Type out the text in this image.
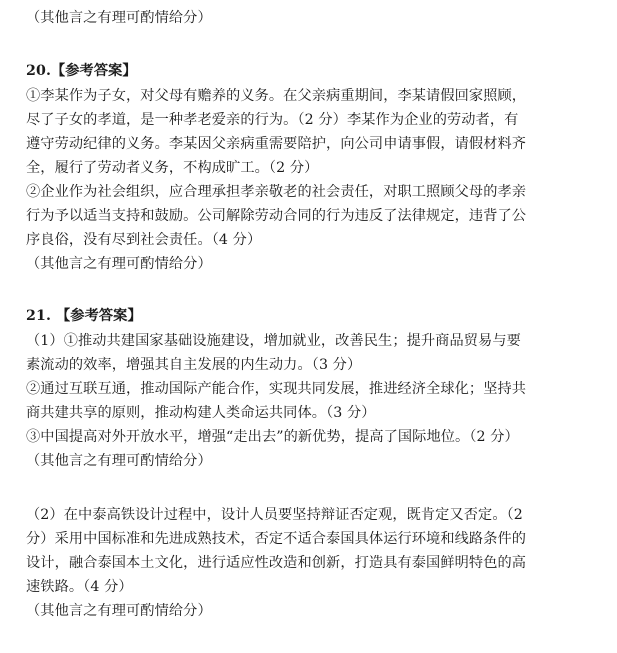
（其他言之有理可酌情给分）
20.【参考答案】
①李某作为子女，对父母有赡养的义务。在父亲病重期间，李某请假回家照顾，
尽了子女的孝道，是一种孝老爱亲的行为。（2 分）李某作为企业的劳动者，有
遵守劳动纪律的义务。李某因父亲病重需要陪护，向公司申请事假，请假材料齐
全，履行了劳动者义务，不构成旷工。（2 分）
②企业作为社会组织，应合理承担孝亲敬老的社会责任，对职工照顾父母的孝亲
行为予以适当支持和鼓励。公司解除劳动合同的行为违反了法律规定，违背了公
序良俗，没有尽到社会责任。（4 分）
（其他言之有理可酌情给分）
21. 【参考答案】
（1）①推动共建国家基础设施建设，增加就业，改善民生；提升商品贸易与要
素流动的效率，增强其自主发展的内生动力。（3 分）
②通过互联互通，推动国际产能合作，实现共同发展，推进经济全球化；坚持共
商共建共享的原则，推动构建人类命运共同体。（3 分）
③中国提高对外开放水平，增强“走出去”的新优势，提高了国际地位。（2 分）
（其他言之有理可酌情给分）
（2）在中泰高铁设计过程中，设计人员要坚持辩证否定观，既肯定又否定。（2
分）采用中国标准和先进成熟技术，否定不适合泰国具体运行环境和线路条件的
设计，融合泰国本土文化，进行适应性改造和创新，打造具有泰国鲜明特色的高
速铁路。（4 分）
（其他言之有理可酌情给分）
